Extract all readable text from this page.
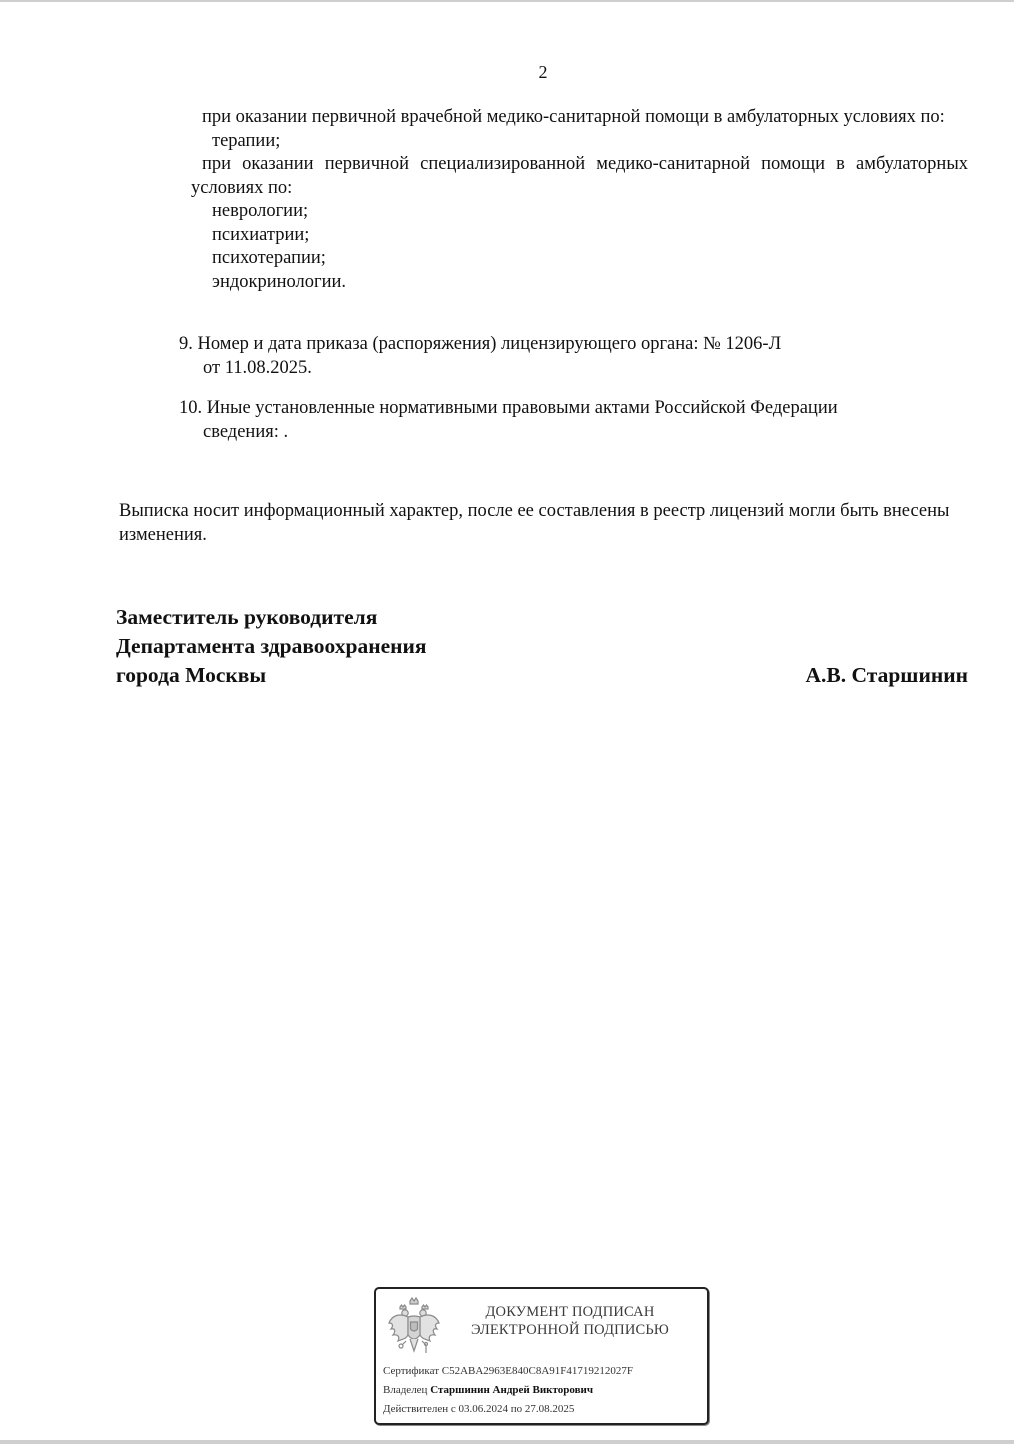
2

при оказании первичной врачебной медико-санитарной помощи в амбулаторных условиях по:

терапии;

при оказании первичной специализированной медико-санитарной помощи в амбулаторных условиях по:

неврологии;
психиатрии;
психотерапии;
эндокринологии.

9. Номер и дата приказа (распоряжения) лицензирующего органа: № 1206-Л

от 11.08.2025.

10. Иные установленные нормативными правовыми актами Российской Федерации

сведения: .

Выписка носит информационный характер, после ее составления в реестр лицензий могли быть внесены изменения.
Заместитель руководителя
Департамента здравоохранения
города Москвы	А.В. Старшинин
ДОКУМЕНТ ПОДПИСАН
ЭЛЕКТРОННОЙ ПОДПИСЬЮ
Сертификат C52ABA2963E840C8A91F41719212027F
Владелец Старшинин Андрей Викторович
Действителен с 03.06.2024 по 27.08.2025
